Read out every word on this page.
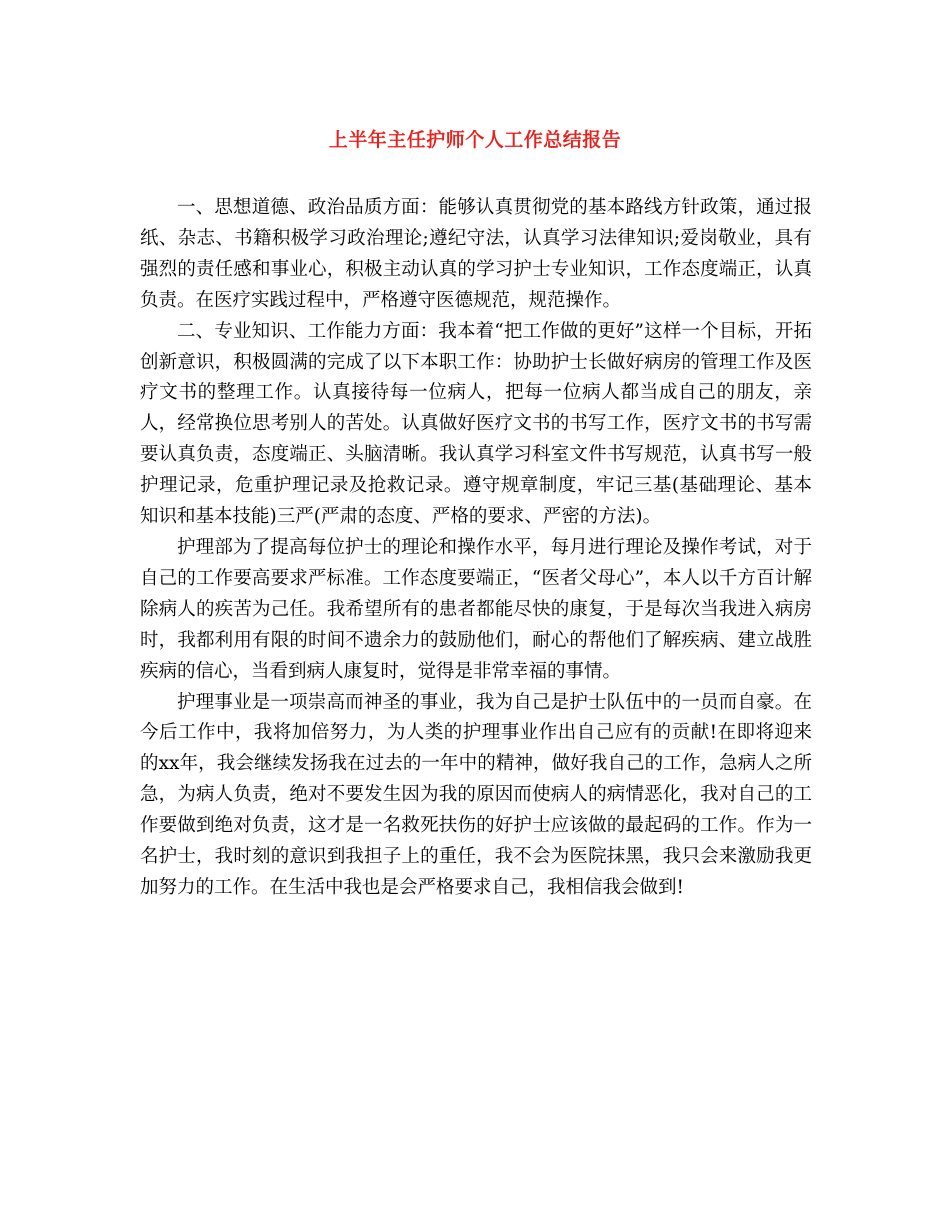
上半年主任护师个人工作总结报告

一、思想道德、政治品质方面：能够认真贯彻党的基本路线方针政策，通过报纸、杂志、书籍积极学习政治理论;遵纪守法，认真学习法律知识;爱岗敬业，具有强烈的责任感和事业心，积极主动认真的学习护士专业知识，工作态度端正，认真负责。在医疗实践过程中，严格遵守医德规范，规范操作。

二、专业知识、工作能力方面：我本着“把工作做的更好”这样一个目标，开拓创新意识，积极圆满的完成了以下本职工作：协助护士长做好病房的管理工作及医疗文书的整理工作。认真接待每一位病人，把每一位病人都当成自己的朋友，亲人，经常换位思考别人的苦处。认真做好医疗文书的书写工作，医疗文书的书写需要认真负责，态度端正、头脑清晰。我认真学习科室文件书写规范，认真书写一般护理记录，危重护理记录及抢救记录。遵守规章制度，牢记三基(基础理论、基本知识和基本技能)三严(严肃的态度、严格的要求、严密的方法)。

护理部为了提高每位护士的理论和操作水平，每月进行理论及操作考试，对于自己的工作要高要求严标准。工作态度要端正，“医者父母心”，本人以千方百计解除病人的疾苦为己任。我希望所有的患者都能尽快的康复，于是每次当我进入病房时，我都利用有限的时间不遗余力的鼓励他们，耐心的帮他们了解疾病、建立战胜疾病的信心，当看到病人康复时，觉得是非常幸福的事情。

护理事业是一项崇高而神圣的事业，我为自己是护士队伍中的一员而自豪。在今后工作中，我将加倍努力，为人类的护理事业作出自己应有的贡献!在即将迎来的xx年，我会继续发扬我在过去的一年中的精神，做好我自己的工作，急病人之所急，为病人负责，绝对不要发生因为我的原因而使病人的病情恶化，我对自己的工作要做到绝对负责，这才是一名救死扶伤的好护士应该做的最起码的工作。作为一名护士，我时刻的意识到我担子上的重任，我不会为医院抹黑，我只会来激励我更加努力的工作。在生活中我也是会严格要求自己，我相信我会做到!
